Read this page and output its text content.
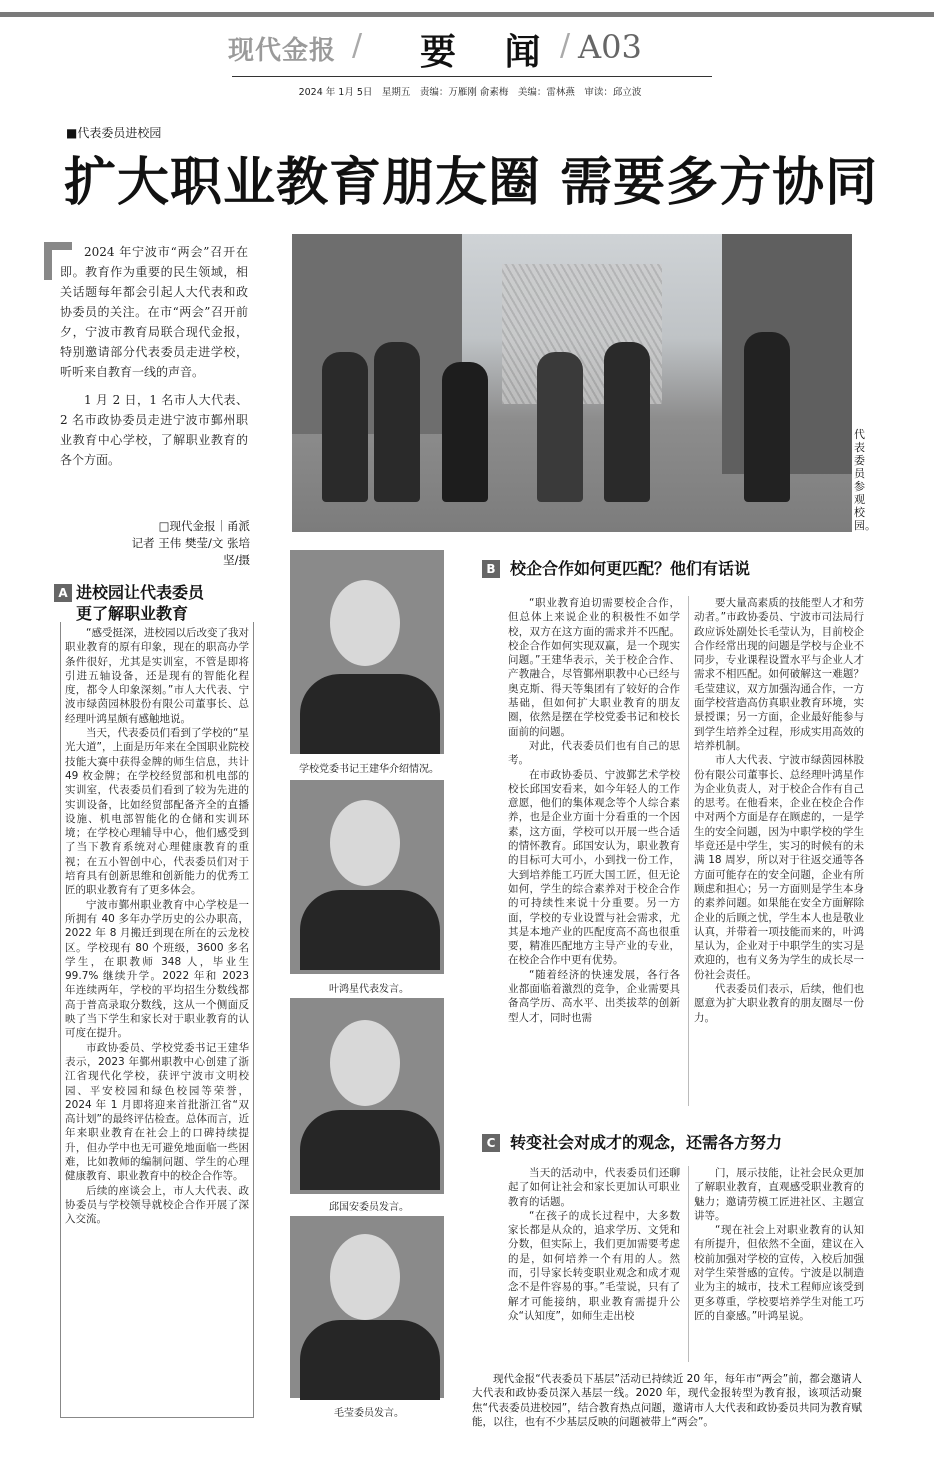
现代金报 / 要 闻 / A03
2024 年 1月 5日　星期五　责编：万雁刚 俞素梅　美编：雷林燕　审读：邱立波
■代表委员进校园
扩大职业教育朋友圈 需要多方协同

2024 年宁波市“两会”召开在即。教育作为重要的民生领域，相关话题每年都会引起人大代表和政协委员的关注。在市“两会”召开前夕，宁波市教育局联合现代金报，特别邀请部分代表委员走进学校，听听来自教育一线的声音。

1 月 2 日，1 名市人大代表、2 名市政协委员走进宁波市鄞州职业教育中心学校，了解职业教育的各个方面。

□现代金报｜甬派
记者 王伟 樊莹/文 张培坚/摄
代表委员参观校园。
学校党委书记王建华介绍情况。
叶鸿星代表发言。
邱国安委员发言。
毛莹委员发言。
A 进校园让代表委员
更了解职业教育

“感受挺深，进校园以后改变了我对职业教育的原有印象，现在的职高办学条件很好，尤其是实训室，不管是即将引进五轴设备，还是现有的智能化程度，都令人印象深刻。”市人大代表、宁波市绿茵园林股份有限公司董事长、总经理叶鸿星颇有感触地说。

当天，代表委员们看到了学校的“星光大道”，上面是历年来在全国职业院校技能大赛中获得金牌的师生信息，共计 49 枚金牌；在学校经贸部和机电部的实训室，代表委员们看到了较为先进的实训设备，比如经贸部配备齐全的直播设施、机电部智能化的仓储和实训环境；在学校心理辅导中心，他们感受到了当下教育系统对心理健康教育的重视；在五小智创中心，代表委员们对于培育具有创新思维和创新能力的优秀工匠的职业教育有了更多体会。

宁波市鄞州职业教育中心学校是一所拥有 40 多年办学历史的公办职高，2022 年 8 月搬迁到现在所在的云龙校区。学校现有 80 个班级，3600 多名学生，在职教师 348 人，毕业生 99.7% 继续升学。2022 年和 2023 年连续两年，学校的平均招生分数线都高于普高录取分数线，这从一个侧面反映了当下学生和家长对于职业教育的认可度在提升。

市政协委员、学校党委书记王建华表示，2023 年鄞州职教中心创建了浙江省现代化学校，获评宁波市文明校园、平安校园和绿色校园等荣誉，2024 年 1 月即将迎来首批浙江省“双高计划”的最终评估检查。总体而言，近年来职业教育在社会上的口碑持续提升，但办学中也无可避免地面临一些困难，比如教师的编制问题、学生的心理健康教育、职业教育中的校企合作等。

后续的座谈会上，市人大代表、政协委员与学校领导就校企合作开展了深入交流。

B 校企合作如何更匹配？他们有话说

“职业教育迫切需要校企合作，但总体上来说企业的积极性不如学校，双方在这方面的需求并不匹配。校企合作如何实现双赢，是一个现实问题。”王建华表示，关于校企合作、产教融合，尽管鄞州职教中心已经与奥克斯、得天等集团有了较好的合作基础，但如何扩大职业教育的朋友圈，依然是摆在学校党委书记和校长面前的问题。

对此，代表委员们也有自己的思考。

在市政协委员、宁波鄞艺术学校校长邱国安看来，如今年轻人的工作意愿，他们的集体观念等个人综合素养，也是企业方面十分看重的一个因素，这方面，学校可以开展一些合适的情怀教育。邱国安认为，职业教育的目标可大可小，小到找一份工作，大到培养能工巧匠大国工匠，但无论如何，学生的综合素养对于校企合作的可持续性来说十分重要。另一方面，学校的专业设置与社会需求，尤其是本地产业的匹配度高不高也很重要，精准匹配地方主导产业的专业，在校企合作中更有优势。

“随着经济的快速发展，各行各业都面临着激烈的竞争，企业需要具备高学历、高水平、出类拔萃的创新型人才，同时也需

要大量高素质的技能型人才和劳动者。”市政协委员、宁波市司法局行政应诉处副处长毛莹认为，目前校企合作经常出现的问题是学校与企业不同步，专业课程设置水平与企业人才需求不相匹配。如何破解这一难题？毛莹建议，双方加强沟通合作，一方面学校营造高仿真职业教育环境，实景授课；另一方面，企业最好能参与到学生培养全过程，形成实用高效的培养机制。

市人大代表、宁波市绿茵园林股份有限公司董事长、总经理叶鸿星作为企业负责人，对于校企合作有自己的思考。在他看来，企业在校企合作中对两个方面是存在顾虑的，一是学生的安全问题，因为中职学校的学生毕竟还是中学生，实习的时候有的未满 18 周岁，所以对于往返交通等各方面可能存在的安全问题，企业有所顾虑和担心；另一方面则是学生本身的素养问题。如果能在安全方面解除企业的后顾之忧，学生本人也是敬业认真，并带着一项技能而来的，叶鸿星认为，企业对于中职学生的实习是欢迎的，也有义务为学生的成长尽一份社会责任。

代表委员们表示，后续，他们也愿意为扩大职业教育的朋友圈尽一份力。

C 转变社会对成才的观念，还需各方努力

当天的活动中，代表委员们还聊起了如何让社会和家长更加认可职业教育的话题。

“在孩子的成长过程中，大多数家长都是从众的，追求学历、文凭和分数，但实际上，我们更加需要考虑的是，如何培养一个有用的人。然而，引导家长转变职业观念和成才观念不是件容易的事。”毛莹说，只有了解才可能接纳，职业教育需提升公众“认知度”，如师生走出校

门，展示技能，让社会民众更加了解职业教育，直观感受职业教育的魅力；邀请劳模工匠进社区、主题宣讲等。

“现在社会上对职业教育的认知有所提升，但依然不全面，建议在入校前加强对学校的宣传，入校后加强对学生荣誉感的宣传。宁波是以制造业为主的城市，技术工程师应该受到更多尊重，学校要培养学生对能工巧匠的自豪感。”叶鸿星说。

现代金报“代表委员下基层”活动已持续近 20 年，每年市“两会”前，都会邀请人大代表和政协委员深入基层一线。2020 年，现代金报转型为教育报，该项活动聚焦“代表委员进校园”，结合教育热点问题，邀请市人大代表和政协委员共同为教育赋能，以往，也有不少基层反映的问题被带上“两会”。
